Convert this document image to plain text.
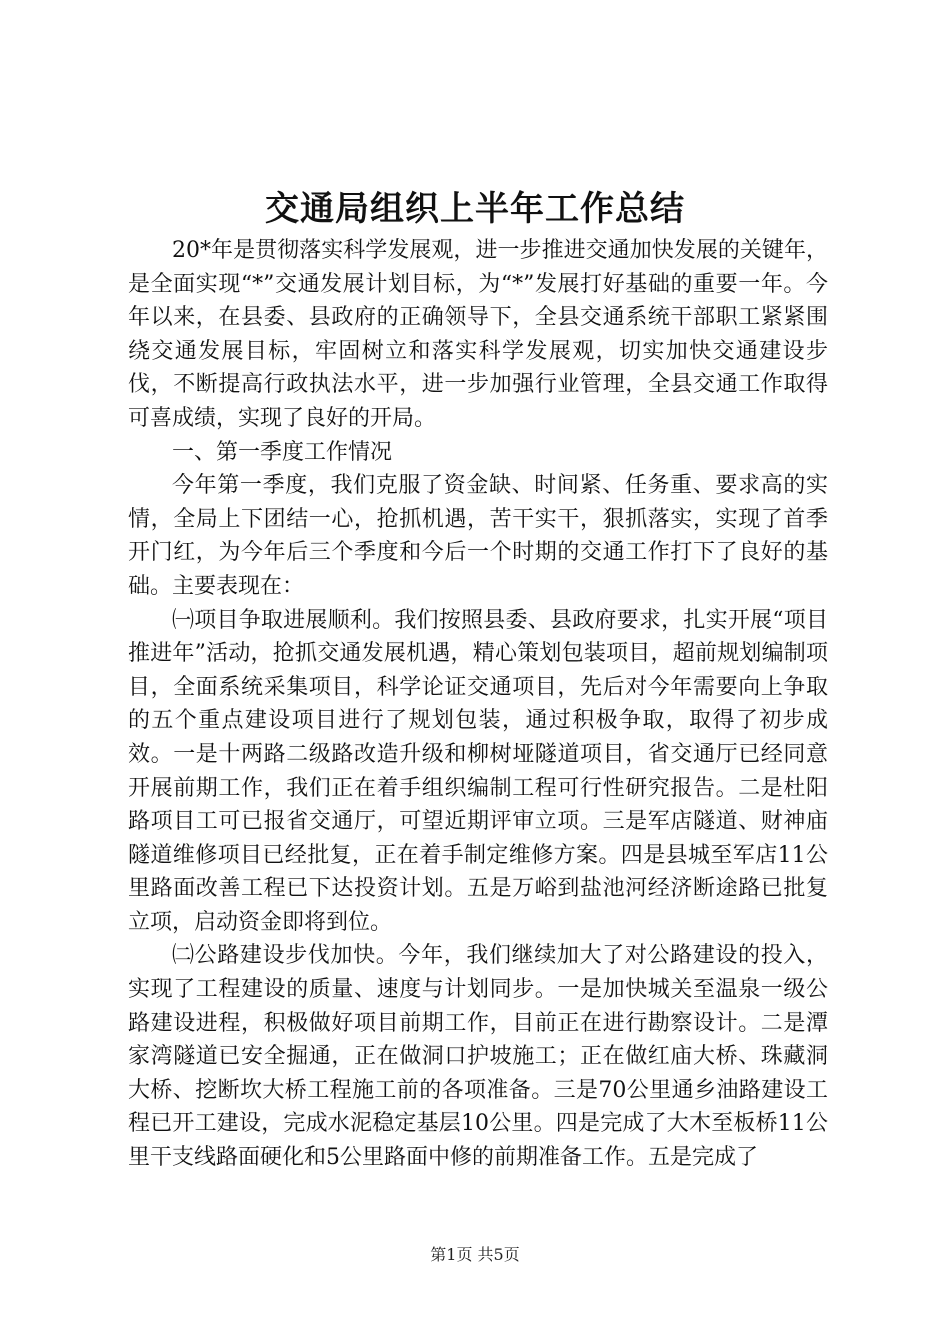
交通局组织上半年工作总结

20*年是贯彻落实科学发展观，进一步推进交通加快发展的关键年，是全面实现“*”交通发展计划目标，为“*”发展打好基础的重要一年。今年以来，在县委、县政府的正确领导下，全县交通系统干部职工紧紧围绕交通发展目标，牢固树立和落实科学发展观，切实加快交通建设步伐，不断提高行政执法水平，进一步加强行业管理，全县交通工作取得可喜成绩，实现了良好的开局。

一、第一季度工作情况

今年第一季度，我们克服了资金缺、时间紧、任务重、要求高的实情，全局上下团结一心，抢抓机遇，苦干实干，狠抓落实，实现了首季开门红，为今年后三个季度和今后一个时期的交通工作打下了良好的基础。主要表现在：

㈠项目争取进展顺利。我们按照县委、县政府要求，扎实开展“项目推进年”活动，抢抓交通发展机遇，精心策划包装项目，超前规划编制项目，全面系统采集项目，科学论证交通项目，先后对今年需要向上争取的五个重点建设项目进行了规划包装，通过积极争取，取得了初步成效。一是十两路二级路改造升级和柳树垭隧道项目，省交通厅已经同意开展前期工作，我们正在着手组织编制工程可行性研究报告。二是杜阳路项目工可已报省交通厅，可望近期评审立项。三是军店隧道、财神庙隧道维修项目已经批复，正在着手制定维修方案。四是县城至军店11公里路面改善工程已下达投资计划。五是万峪到盐池河经济断途路已批复立项，启动资金即将到位。

㈡公路建设步伐加快。今年，我们继续加大了对公路建设的投入，实现了工程建设的质量、速度与计划同步。一是加快城关至温泉一级公路建设进程，积极做好项目前期工作，目前正在进行勘察设计。二是潭家湾隧道已安全掘通，正在做洞口护坡施工；正在做红庙大桥、珠藏洞大桥、挖断坎大桥工程施工前的各项准备。三是70公里通乡油路建设工程已开工建设，完成水泥稳定基层10公里。四是完成了大木至板桥11公里干支线路面硬化和5公里路面中修的前期准备工作。五是完成了

第1页 共5页
